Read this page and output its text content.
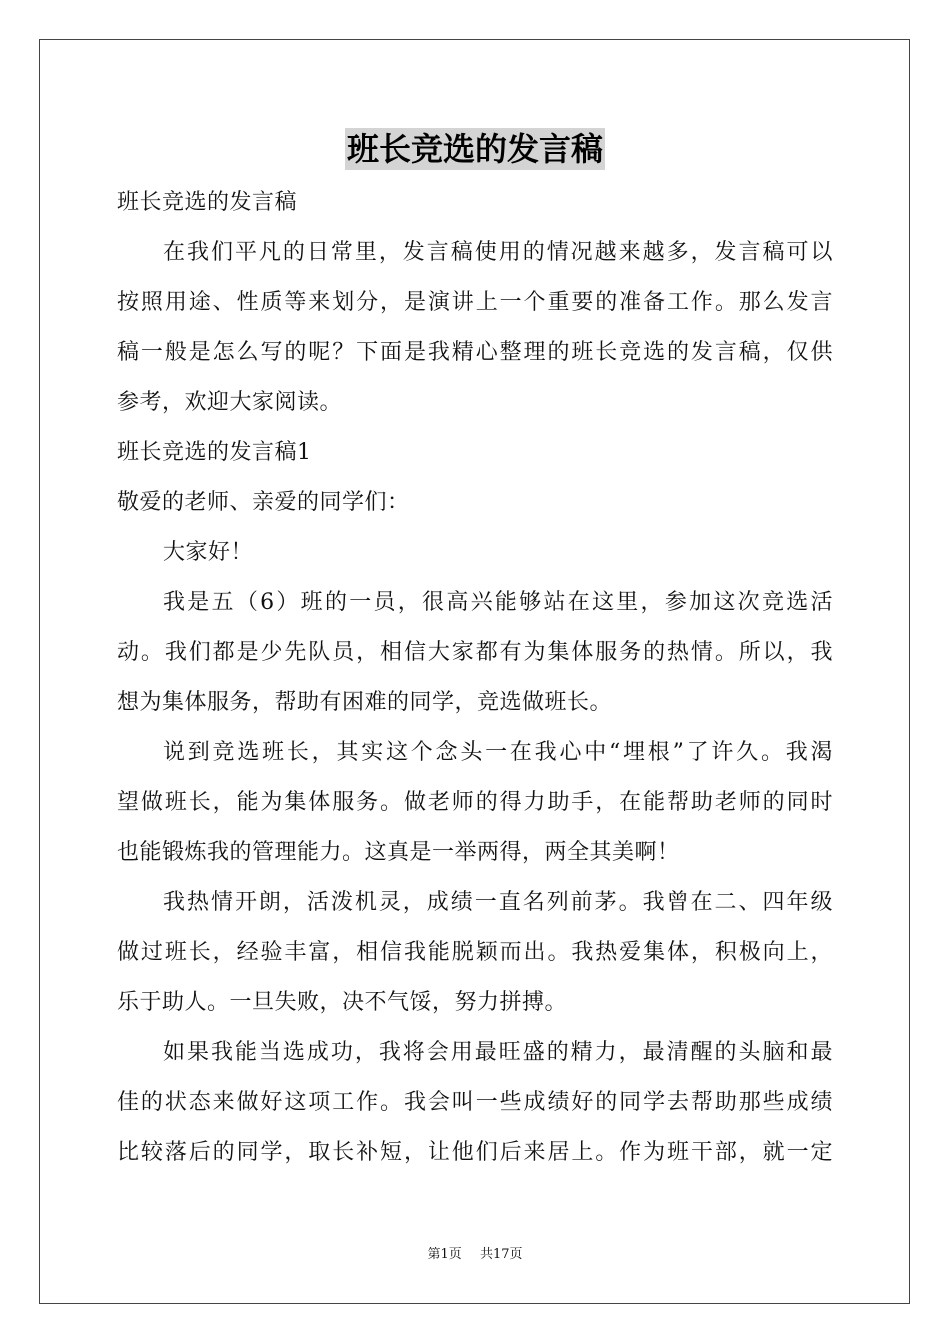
班长竞选的发言稿
班长竞选的发言稿
在我们平凡的日常里，发言稿使用的情况越来越多，发言稿可以
按照用途、性质等来划分，是演讲上一个重要的准备工作。那么发言
稿一般是怎么写的呢？下面是我精心整理的班长竞选的发言稿，仅供
参考，欢迎大家阅读。
班长竞选的发言稿1
敬爱的老师、亲爱的同学们：
大家好！
我是五（6）班的一员，很高兴能够站在这里，参加这次竞选活
动。我们都是少先队员，相信大家都有为集体服务的热情。所以，我
想为集体服务，帮助有困难的同学，竞选做班长。
说到竞选班长，其实这个念头一在我心中“埋根”了许久。我渴
望做班长，能为集体服务。做老师的得力助手，在能帮助老师的同时
也能锻炼我的管理能力。这真是一举两得，两全其美啊！
我热情开朗，活泼机灵，成绩一直名列前茅。我曾在二、四年级
做过班长，经验丰富，相信我能脱颖而出。我热爱集体，积极向上，
乐于助人。一旦失败，决不气馁，努力拼搏。
如果我能当选成功，我将会用最旺盛的精力，最清醒的头脑和最
佳的状态来做好这项工作。我会叫一些成绩好的同学去帮助那些成绩
比较落后的同学，取长补短，让他们后来居上。作为班干部，就一定
第1页 共17页
